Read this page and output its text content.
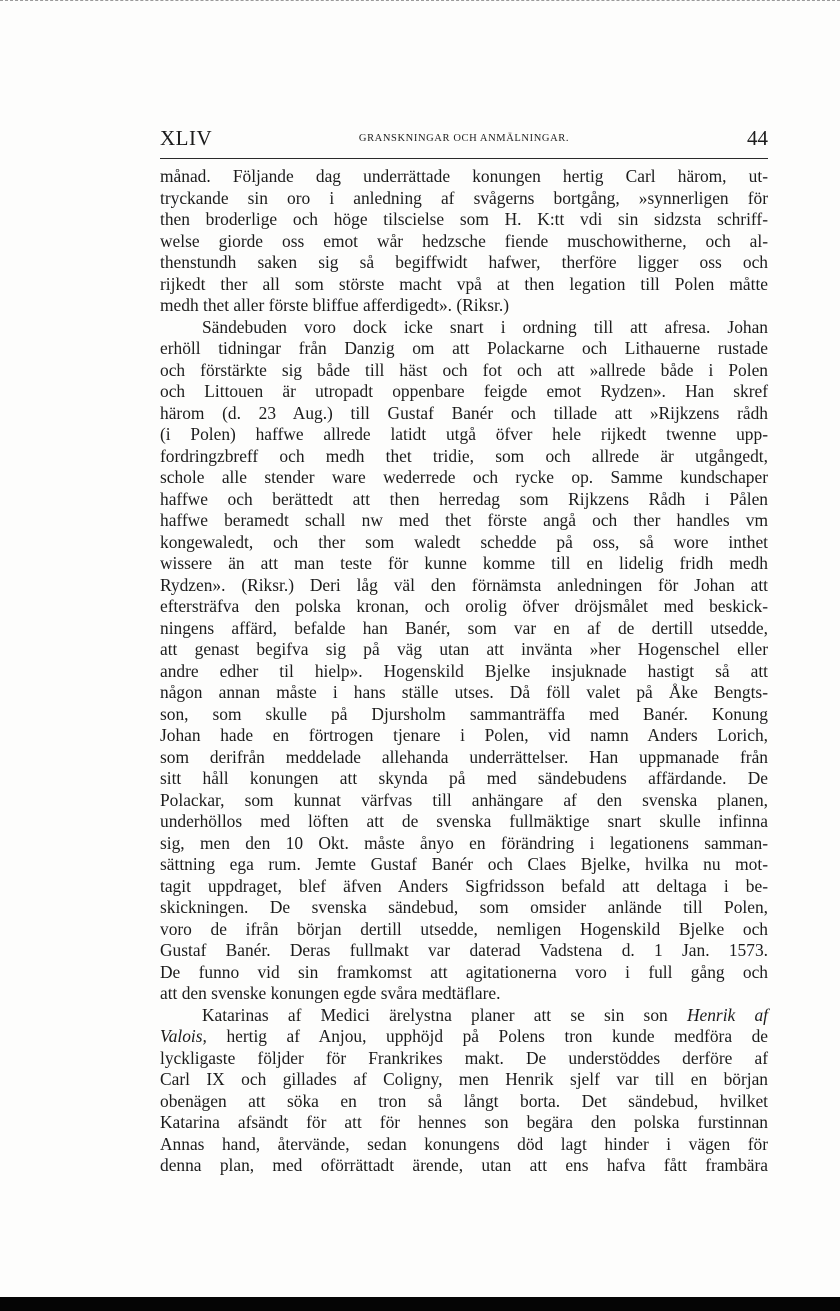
XLIV	GRANSKNINGAR OCH ANMÄLNINGAR.	44
månad. Följande dag underrättade konungen hertig Carl härom, ut-
tryckande sin oro i anledning af svågerns bortgång, »synnerligen för
then broderlige och höge tilscielse som H. K:tt vdi sin sidzsta schriff-
welse giorde oss emot wår hedzsche fiende muschowitherne, och al-
thenstundh saken sig så begiffwidt hafwer, therföre ligger oss och
rijkedt ther all som störste macht vpå at then legation till Polen måtte
medh thet aller förste bliffue afferdigedt». (Riksr.)
Sändebuden voro dock icke snart i ordning till att afresa. Johan
erhöll tidningar från Danzig om att Polackarne och Lithauerne rustade
och förstärkte sig både till häst och fot och att »allrede både i Polen
och Littouen är utropadt oppenbare feigde emot Rydzen». Han skref
härom (d. 23 Aug.) till Gustaf Banér och tillade att »Rijkzens rådh
(i Polen) haffwe allrede latidt utgå öfver hele rijkedt twenne upp-
fordringzbreff och medh thet tridie, som och allrede är utgångedt,
schole alle stender ware wederrede och rycke op. Samme kundschaper
haffwe och berättedt att then herredag som Rijkzens Rådh i Pålen
haffwe beramedt schall nw med thet förste angå och ther handles vm
kongewaledt, och ther som waledt schedde på oss, så wore inthet
wissere än att man teste för kunne komme till en lidelig fridh medh
Rydzen». (Riksr.) Deri låg väl den förnämsta anledningen för Johan att
eftersträfva den polska kronan, och orolig öfver dröjsmålet med beskick-
ningens affärd, befalde han Banér, som var en af de dertill utsedde,
att genast begifva sig på väg utan att invänta »her Hogenschel eller
andre edher til hielp». Hogenskild Bjelke insjuknade hastigt så att
någon annan måste i hans ställe utses. Då föll valet på Åke Bengts-
son, som skulle på Djursholm sammanträffa med Banér. Konung
Johan hade en förtrogen tjenare i Polen, vid namn Anders Lorich,
som derifrån meddelade allehanda underrättelser. Han uppmanade från
sitt håll konungen att skynda på med sändebudens affärdande. De
Polackar, som kunnat värfvas till anhängare af den svenska planen,
underhöllos med löften att de svenska fullmäktige snart skulle infinna
sig, men den 10 Okt. måste ånyo en förändring i legationens samman-
sättning ega rum. Jemte Gustaf Banér och Claes Bjelke, hvilka nu mot-
tagit uppdraget, blef äfven Anders Sigfridsson befald att deltaga i be-
skickningen. De svenska sändebud, som omsider anlände till Polen,
voro de ifrån början dertill utsedde, nemligen Hogenskild Bjelke och
Gustaf Banér. Deras fullmakt var daterad Vadstena d. 1 Jan. 1573.
De funno vid sin framkomst att agitationerna voro i full gång och
att den svenske konungen egde svåra medtäflare.
Katarinas af Medici ärelystna planer att se sin son Henrik af
Valois, hertig af Anjou, upphöjd på Polens tron kunde medföra de
lyckligaste följder för Frankrikes makt. De understöddes derföre af
Carl IX och gillades af Coligny, men Henrik sjelf var till en början
obenägen att söka en tron så långt borta. Det sändebud, hvilket
Katarina afsändt för att för hennes son begära den polska furstinnan
Annas hand, återvände, sedan konungens död lagt hinder i vägen för
denna plan, med oförrättadt ärende, utan att ens hafva fått frambära
